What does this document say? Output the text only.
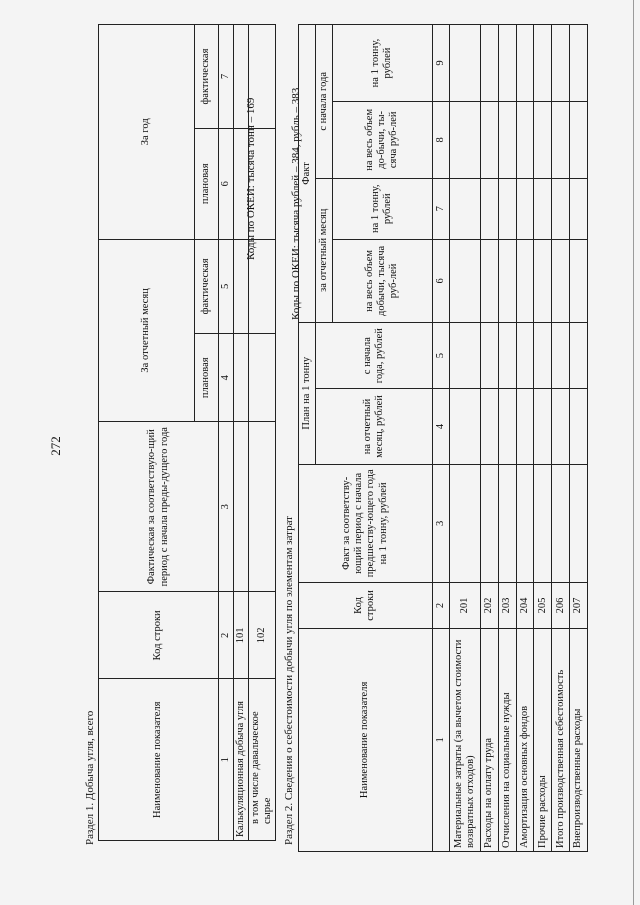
272
Раздел 1. Добыча угля, всего
Коды по ОКЕИ: тысяча тонн – 169
Наименование показателя	Код строки	Фактическая за соответствую-щий период с начала преды-дущего года	За отчетный месяц		За год	
			плановая	фактическая	плановая	фактическая
1	2	3	4	5	6	7
Калькуляционная добыча угля	101					
в том числе давальческое сырье	102					Раздел 2. Сведения о себестоимости добычи угля по элементам затрат
Коды по ОКЕИ: тысяча рублей – 384, рубль – 383
Наименование показателя	Код строки	Факт за соответству-ющий период с начала предшеству-ющего года на 1 тонну, рублей	План на 1 тонну		Факт			
			на отчетный месяц, рублей	с начала года, рублей	за отчетный месяц		с начала года	
					на весь объем добычи, тысяча руб-лей	на 1 тонну, рублей	на весь объем до-бычи, ты-сяча руб-лей	на 1 тонну, рублей
1	2	3	4	5	6	7	8	9
Материальные затраты (за вычетом стоимости возвратных отходов)	201							
Расходы на оплату труда	202							
Отчисления на социальные нужды	203							
Амортизация основных фондов	204							
Прочие расходы	205							
Итого производственная себестоимость	206							
Внепроизводственные расходы	207							
